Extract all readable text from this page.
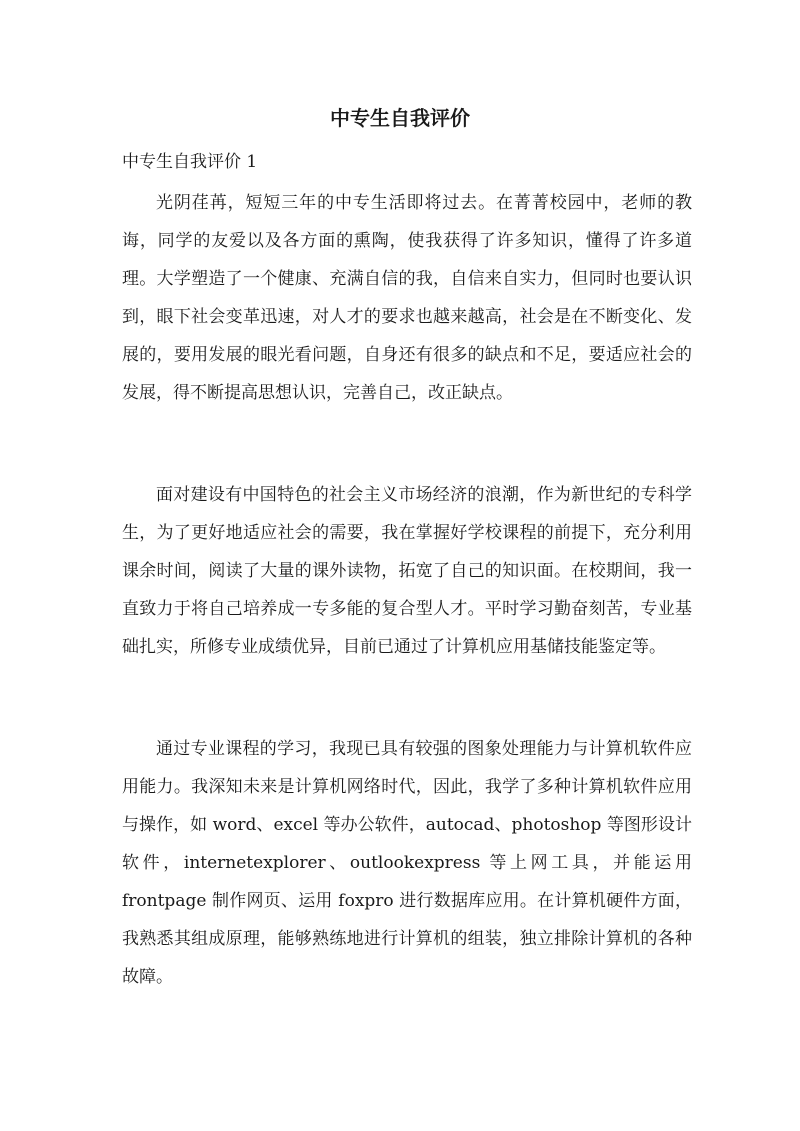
中专生自我评价

中专生自我评价 1

光阴荏苒，短短三年的中专生活即将过去。在菁菁校园中，老师的教诲，同学的友爱以及各方面的熏陶，使我获得了许多知识，懂得了许多道理。大学塑造了一个健康、充满自信的我，自信来自实力，但同时也要认识到，眼下社会变革迅速，对人才的要求也越来越高，社会是在不断变化、发展的，要用发展的眼光看问题，自身还有很多的缺点和不足，要适应社会的发展，得不断提高思想认识，完善自己，改正缺点。

面对建设有中国特色的社会主义市场经济的浪潮，作为新世纪的专科学生，为了更好地适应社会的需要，我在掌握好学校课程的前提下，充分利用课余时间，阅读了大量的课外读物，拓宽了自己的知识面。在校期间，我一直致力于将自己培养成一专多能的复合型人才。平时学习勤奋刻苦，专业基础扎实，所修专业成绩优异，目前已通过了计算机应用基储技能鉴定等。

通过专业课程的学习，我现已具有较强的图象处理能力与计算机软件应用能力。我深知未来是计算机网络时代，因此，我学了多种计算机软件应用与操作，如 word、excel 等办公软件，autocad、photoshop 等图形设计软件，internetexplorer、outlookexpress 等上网工具，并能运用 frontpage 制作网页、运用 foxpro 进行数据库应用。在计算机硬件方面，我熟悉其组成原理，能够熟练地进行计算机的组装，独立排除计算机的各种故障。
